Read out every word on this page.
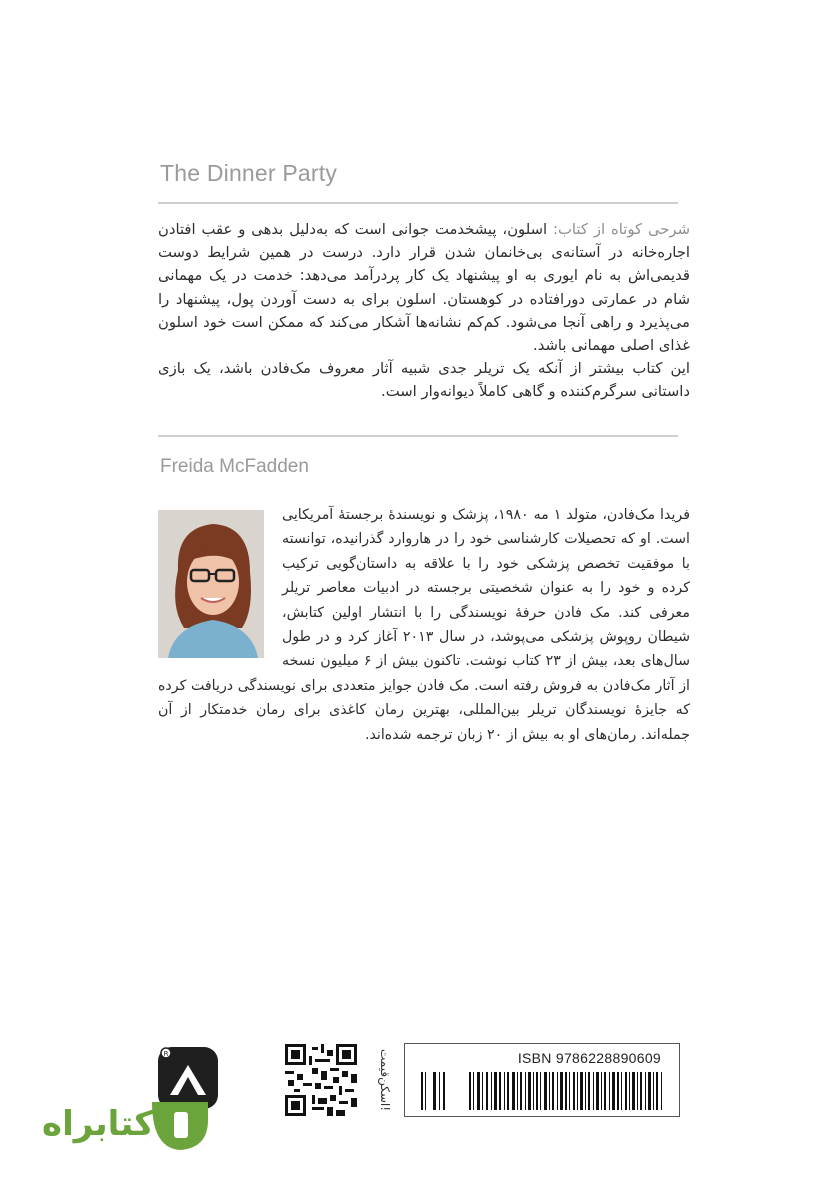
The Dinner Party

شرحی کوتاه از کتاب: اسلون، پیشخدمت جوانی است که به‌دلیل بدهی و عقب افتادن اجاره‌خانه در آستانه‌ی بی‌خانمان شدن قرار دارد. درست در همین شرایط دوست قدیمی‌اش به نام ایوری به او پیشنهاد یک کار پردرآمد می‌دهد: خدمت در یک مهمانی شام در عمارتی دورافتاده در کوهستان. اسلون برای به دست آوردن پول، پیشنهاد را می‌پذیرد و راهی آنجا می‌شود. کم‌کم نشانه‌ها آشکار می‌کند که ممکن است خود اسلون غذای اصلی مهمانی باشد.

این کتاب بیشتر از آنکه یک تریلر جدی شبیه آثار معروف مک‌فادن باشد، یک بازی داستانی سرگرم‌کننده و گاهی کاملاً دیوانه‌وار است.

Freida McFadden
فریدا مک‌فادن، متولد ۱ مه ۱۹۸۰، پزشک و نویسندهٔ برجستهٔ آمریکایی است. او که تحصیلات کارشناسی خود را در هاروارد گذرانیده، توانسته با موفقیت تخصص پزشکی خود را با علاقه به داستان‌گویی ترکیب کرده و خود را به عنوان شخصیتی برجسته در ادبیات معاصر تریلر معرفی کند. مک فادن حرفهٔ نویسندگی را با انتشار اولین کتابش، شیطان روپوش پزشکی می‌پوشد، در سال ۲۰۱۳ آغاز کرد و در طول سال‌های بعد، بیش از ۲۳ کتاب نوشت. تاکنون بیش از ۶ میلیون نسخه از آثار مک‌فادن به فروش رفته است. مک فادن جوایز متعددی برای نویسندگی دریافت کرده که جایزهٔ نویسندگان تریلر بین‌المللی، بهترین رمان کاغذی برای رمان خدمتکار از آن جمله‌اند. رمان‌های او به بیش از ۲۰ زبان ترجمه شده‌اند.
R
کتابراه
اسکن‌قیمت!
ISBN 9786228890609
